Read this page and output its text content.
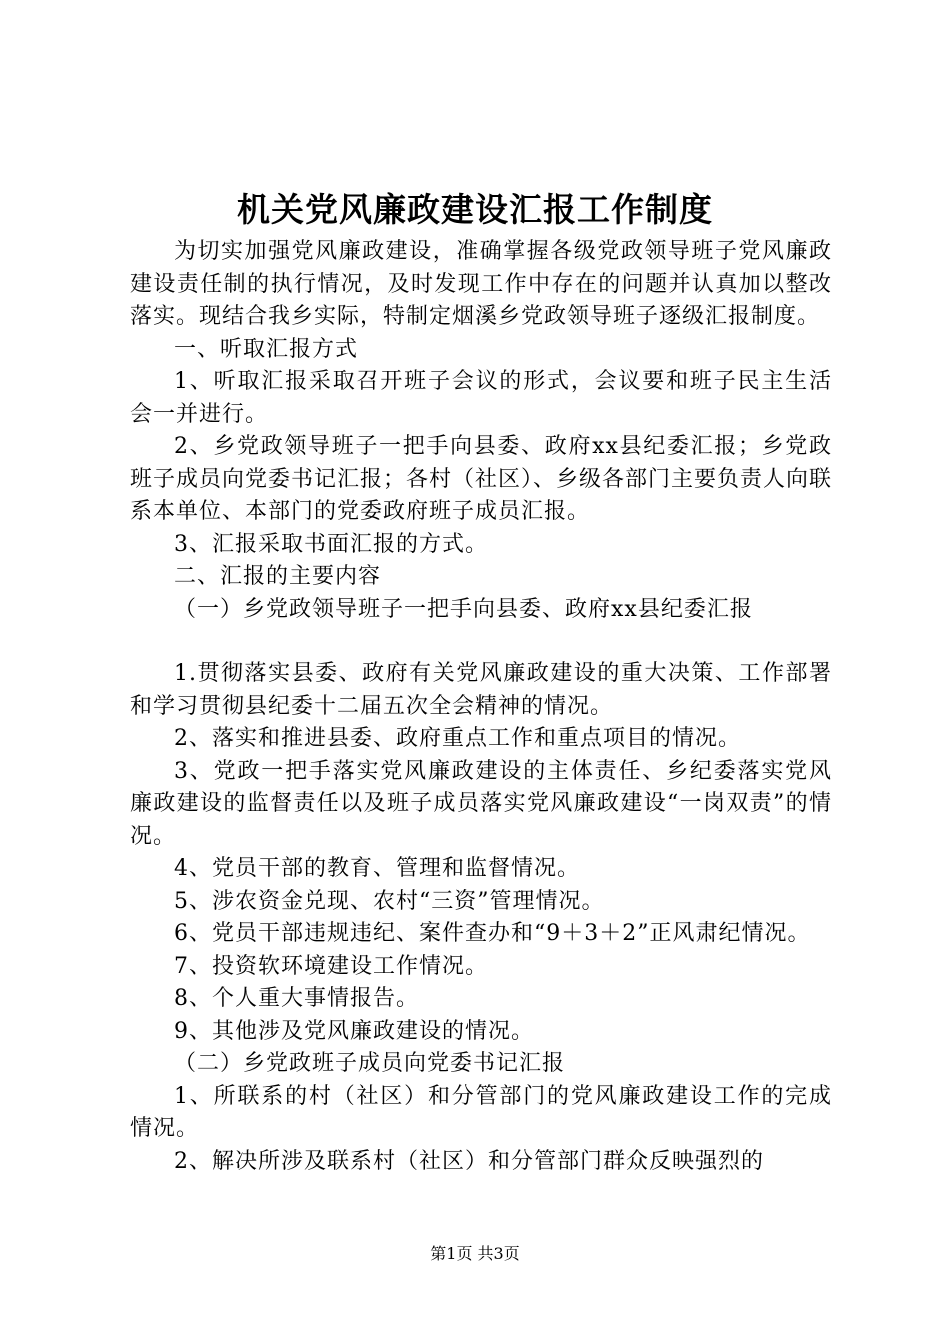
机关党风廉政建设汇报工作制度

为切实加强党风廉政建设，准确掌握各级党政领导班子党风廉政建设责任制的执行情况，及时发现工作中存在的问题并认真加以整改落实。现结合我乡实际，特制定烟溪乡党政领导班子逐级汇报制度。

一、听取汇报方式

1、听取汇报采取召开班子会议的形式，会议要和班子民主生活会一并进行。

2、乡党政领导班子一把手向县委、政府xx县纪委汇报；乡党政班子成员向党委书记汇报；各村（社区）、乡级各部门主要负责人向联系本单位、本部门的党委政府班子成员汇报。

3、汇报采取书面汇报的方式。

二、汇报的主要内容

（一）乡党政领导班子一把手向县委、政府xx县纪委汇报

1.贯彻落实县委、政府有关党风廉政建设的重大决策、工作部署和学习贯彻县纪委十二届五次全会精神的情况。

2、落实和推进县委、政府重点工作和重点项目的情况。

3、党政一把手落实党风廉政建设的主体责任、乡纪委落实党风廉政建设的监督责任以及班子成员落实党风廉政建设“一岗双责”的情况。

4、党员干部的教育、管理和监督情况。

5、涉农资金兑现、农村“三资”管理情况。

6、党员干部违规违纪、案件查办和“9＋3＋2”正风肃纪情况。

7、投资软环境建设工作情况。

8、个人重大事情报告。

9、其他涉及党风廉政建设的情况。

（二）乡党政班子成员向党委书记汇报

1、所联系的村（社区）和分管部门的党风廉政建设工作的完成情况。

2、解决所涉及联系村（社区）和分管部门群众反映强烈的

第1页 共3页
